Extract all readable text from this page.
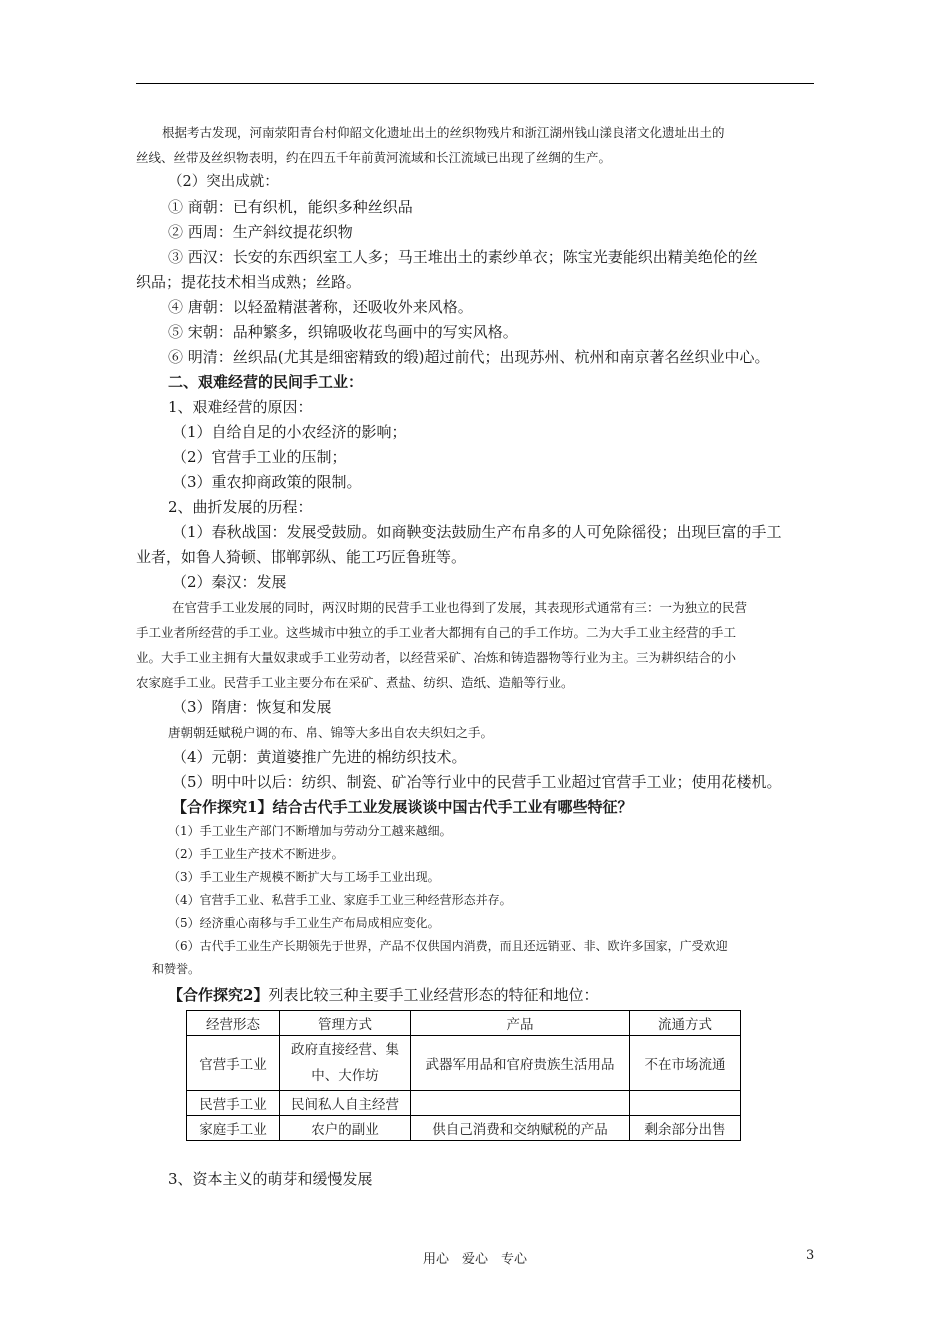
根据考古发现，河南荥阳青台村仰韶文化遗址出土的丝织物残片和浙江湖州钱山漾良渚文化遗址出土的

丝线、丝带及丝织物表明，约在四五千年前黄河流域和长江流域已出现了丝绸的生产。

（2）突出成就：

① 商朝：已有织机，能织多种丝织品

② 西周：生产斜纹提花织物

③ 西汉：长安的东西织室工人多；马王堆出土的素纱单衣；陈宝光妻能织出精美绝伦的丝

织品；提花技术相当成熟；丝路。

④ 唐朝：以轻盈精湛著称，还吸收外来风格。

⑤ 宋朝：品种繁多，织锦吸收花鸟画中的写实风格。

⑥ 明清：丝织品(尤其是细密精致的缎)超过前代；出现苏州、杭州和南京著名丝织业中心。

二、艰难经营的民间手工业：

1、艰难经营的原因：

（1）自给自足的小农经济的影响；

（2）官营手工业的压制；

（3）重农抑商政策的限制。

2、曲折发展的历程：

（1）春秋战国：发展受鼓励。如商鞅变法鼓励生产布帛多的人可免除徭役；出现巨富的手工

业者，如鲁人猗顿、邯郸郭纵、能工巧匠鲁班等。

（2）秦汉：发展

在官营手工业发展的同时，两汉时期的民营手工业也得到了发展，其表现形式通常有三：一为独立的民营

手工业者所经营的手工业。这些城市中独立的手工业者大都拥有自己的手工作坊。二为大手工业主经营的手工

业。大手工业主拥有大量奴隶或手工业劳动者，以经营采矿、冶炼和铸造器物等行业为主。三为耕织结合的小

农家庭手工业。民营手工业主要分布在采矿、煮盐、纺织、造纸、造船等行业。

（3）隋唐：恢复和发展

唐朝朝廷赋税户调的布、帛、锦等大多出自农夫织妇之手。

（4）元朝：黄道婆推广先进的棉纺织技术。

（5）明中叶以后：纺织、制瓷、矿冶等行业中的民营手工业超过官营手工业；使用花楼机。

【合作探究1】结合古代手工业发展谈谈中国古代手工业有哪些特征？

（1）手工业生产部门不断增加与劳动分工越来越细。

（2）手工业生产技术不断进步。

（3）手工业生产规模不断扩大与工场手工业出现。

（4）官营手工业、私营手工业、家庭手工业三种经营形态并存。

（5）经济重心南移与手工业生产布局成相应变化。

（6）古代手工业生产长期领先于世界，产品不仅供国内消费，而且还远销亚、非、欧许多国家，广受欢迎

和赞誉。

【合作探究2】列表比较三种主要手工业经营形态的特征和地位：

经营形态	管理方式	产品	流通方式
官营手工业	政府直接经营、集中、大作坊	武器军用品和官府贵族生活用品	不在市场流通
民营手工业	民间私人自主经营		
家庭手工业	农户的副业	供自己消费和交纳赋税的产品	剩余部分出售

3、资本主义的萌芽和缓慢发展

用心　爱心　专心	3
